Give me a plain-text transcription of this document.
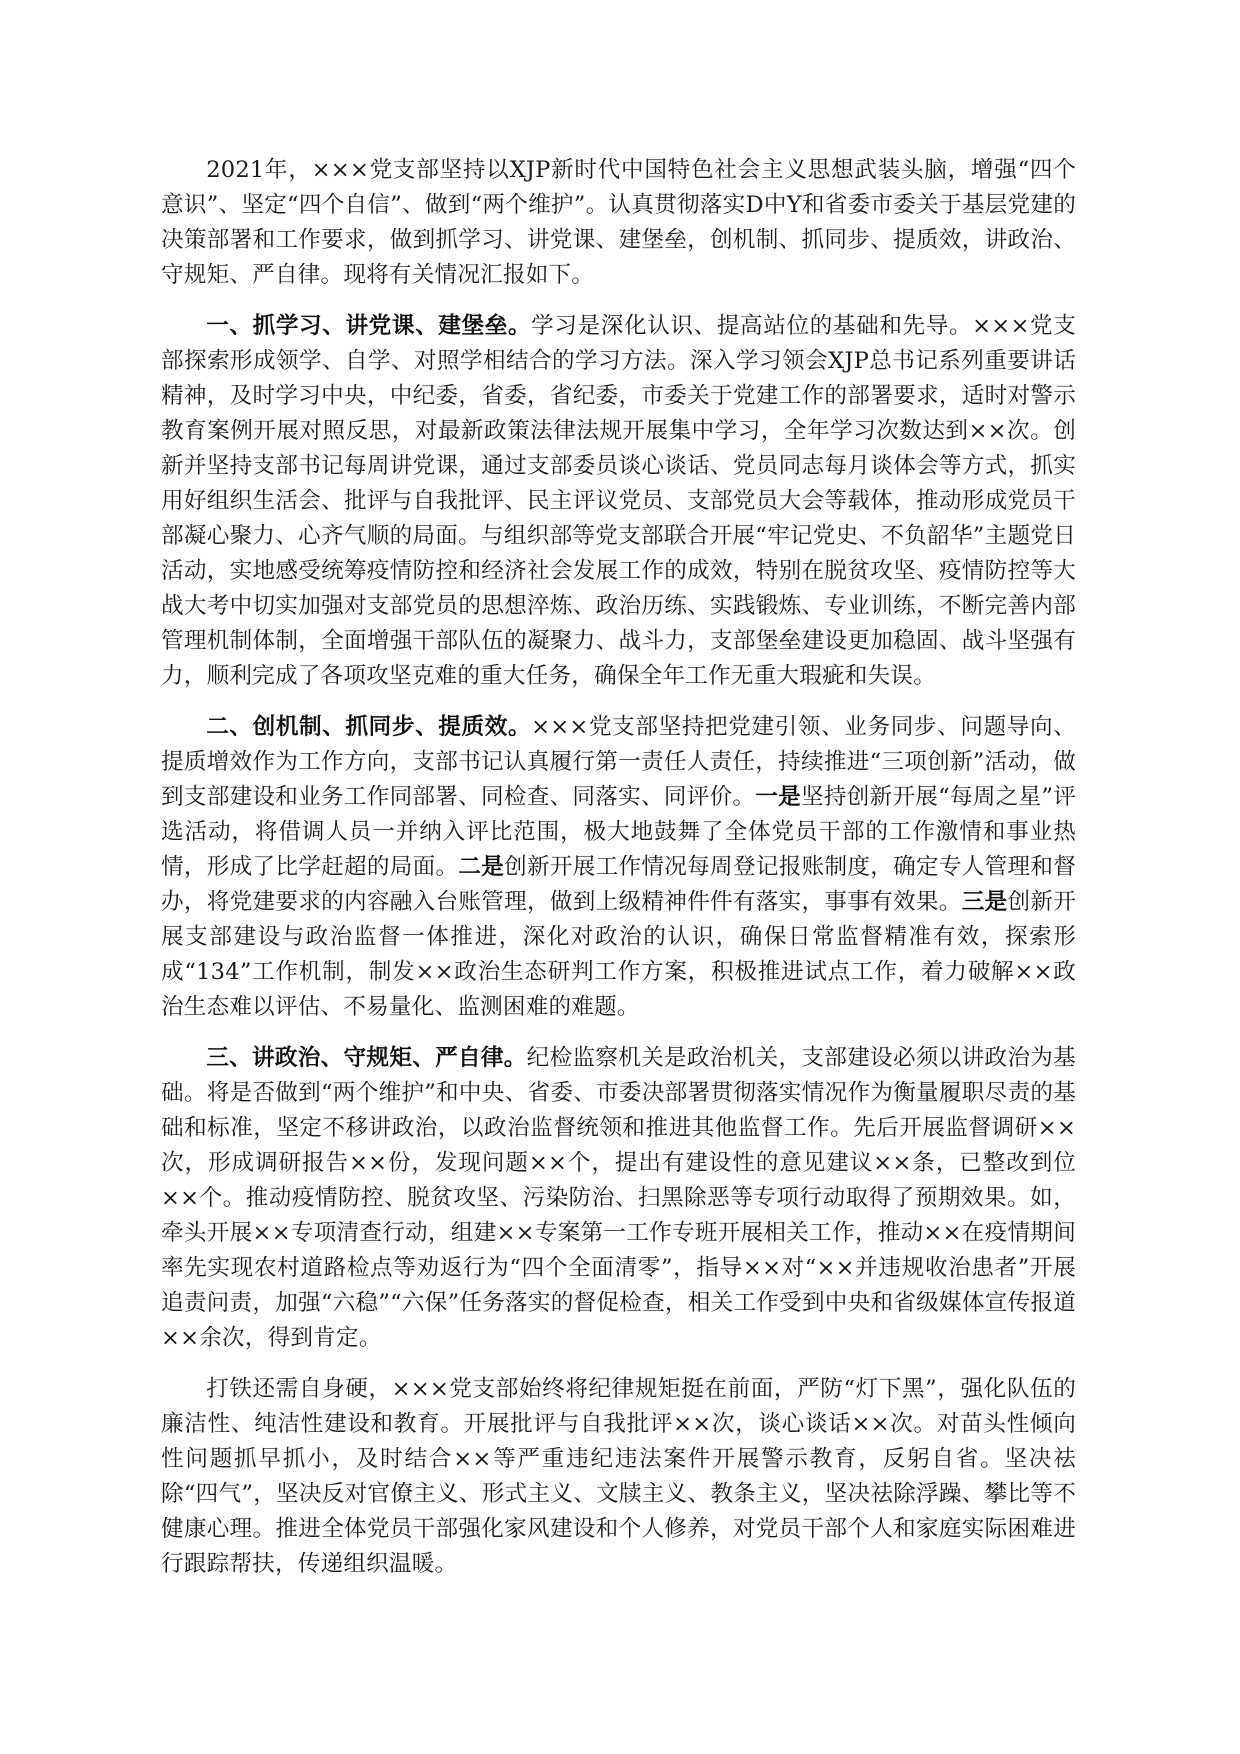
2021年，×××党支部坚持以XJP新时代中国特色社会主义思想武装头脑，增强“四个意识”、坚定“四个自信”、做到“两个维护”。认真贯彻落实D中Y和省委市委关于基层党建的决策部署和工作要求，做到抓学习、讲党课、建堡垒，创机制、抓同步、提质效，讲政治、守规矩、严自律。现将有关情况汇报如下。

一、抓学习、讲党课、建堡垒。学习是深化认识、提高站位的基础和先导。×××党支部探索形成领学、自学、对照学相结合的学习方法。深入学习领会XJP总书记系列重要讲话精神，及时学习中央，中纪委，省委，省纪委，市委关于党建工作的部署要求，适时对警示教育案例开展对照反思，对最新政策法律法规开展集中学习，全年学习次数达到××次。创新并坚持支部书记每周讲党课，通过支部委员谈心谈话、党员同志每月谈体会等方式，抓实用好组织生活会、批评与自我批评、民主评议党员、支部党员大会等载体，推动形成党员干部凝心聚力、心齐气顺的局面。与组织部等党支部联合开展“牢记党史、不负韶华”主题党日活动，实地感受统筹疫情防控和经济社会发展工作的成效，特别在脱贫攻坚、疫情防控等大战大考中切实加强对支部党员的思想淬炼、政治历练、实践锻炼、专业训练，不断完善内部管理机制体制，全面增强干部队伍的凝聚力、战斗力，支部堡垒建设更加稳固、战斗坚强有力，顺利完成了各项攻坚克难的重大任务，确保全年工作无重大瑕疵和失误。

二、创机制、抓同步、提质效。×××党支部坚持把党建引领、业务同步、问题导向、提质增效作为工作方向，支部书记认真履行第一责任人责任，持续推进“三项创新”活动，做到支部建设和业务工作同部署、同检查、同落实、同评价。一是坚持创新开展“每周之星”评选活动，将借调人员一并纳入评比范围，极大地鼓舞了全体党员干部的工作激情和事业热情，形成了比学赶超的局面。二是创新开展工作情况每周登记报账制度，确定专人管理和督办，将党建要求的内容融入台账管理，做到上级精神件件有落实，事事有效果。三是创新开展支部建设与政治监督一体推进，深化对政治的认识，确保日常监督精准有效，探索形成“134”工作机制，制发××政治生态研判工作方案，积极推进试点工作，着力破解××政治生态难以评估、不易量化、监测困难的难题。

三、讲政治、守规矩、严自律。纪检监察机关是政治机关，支部建设必须以讲政治为基础。将是否做到“两个维护”和中央、省委、市委决部署贯彻落实情况作为衡量履职尽责的基础和标准，坚定不移讲政治，以政治监督统领和推进其他监督工作。先后开展监督调研××次，形成调研报告××份，发现问题××个，提出有建设性的意见建议××条，已整改到位××个。推动疫情防控、脱贫攻坚、污染防治、扫黑除恶等专项行动取得了预期效果。如，牵头开展××专项清查行动，组建××专案第一工作专班开展相关工作，推动××在疫情期间率先实现农村道路检点等劝返行为“四个全面清零”，指导××对“××并违规收治患者”开展追责问责，加强“六稳”“六保”任务落实的督促检查，相关工作受到中央和省级媒体宣传报道××余次，得到肯定。

打铁还需自身硬，×××党支部始终将纪律规矩挺在前面，严防“灯下黑”，强化队伍的廉洁性、纯洁性建设和教育。开展批评与自我批评××次，谈心谈话××次。对苗头性倾向性问题抓早抓小，及时结合××等严重违纪违法案件开展警示教育，反躬自省。坚决祛除“四气”，坚决反对官僚主义、形式主义、文牍主义、教条主义，坚决祛除浮躁、攀比等不健康心理。推进全体党员干部强化家风建设和个人修养，对党员干部个人和家庭实际困难进行跟踪帮扶，传递组织温暖。
